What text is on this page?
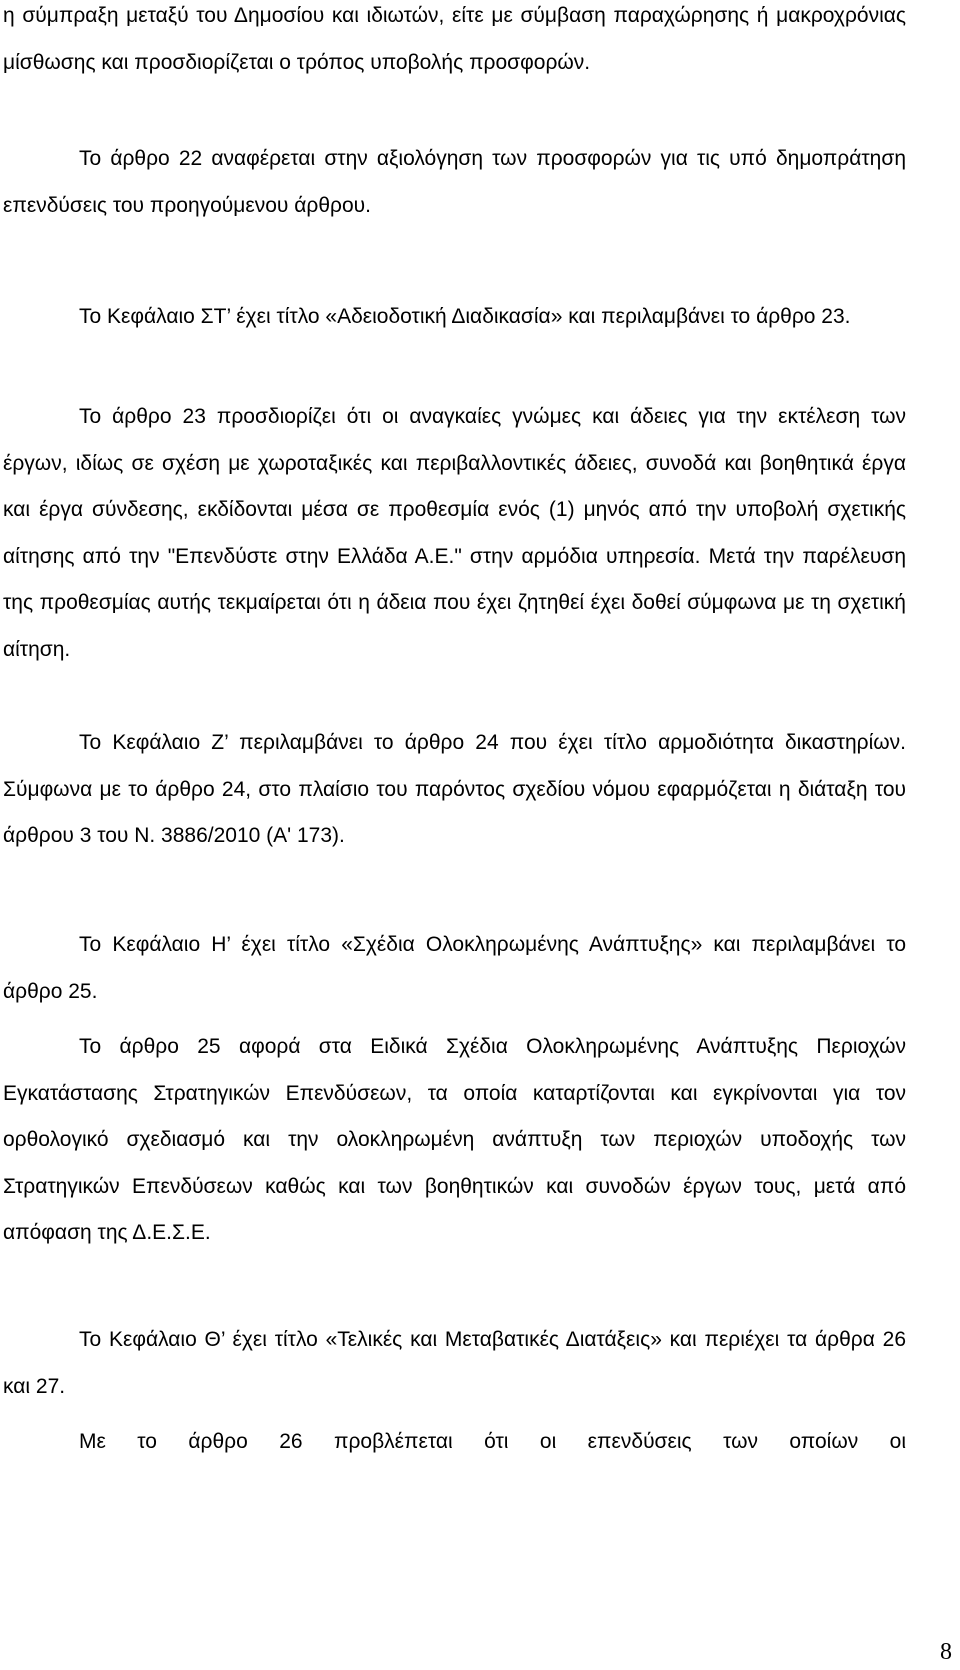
η σύμπραξη μεταξύ του Δημοσίου και ιδιωτών, είτε με σύμβαση παραχώρησης ή μακροχρόνιας μίσθωσης και προσδιορίζεται ο τρόπος υποβολής προσφορών.

Το άρθρο 22 αναφέρεται στην αξιολόγηση των προσφορών για τις υπό δημοπράτηση επενδύσεις του προηγούμενου άρθρου.

Το Κεφάλαιο ΣΤ’ έχει τίτλο «Αδειοδοτική Διαδικασία» και περιλαμβάνει το άρθρο 23.

Το άρθρο 23 προσδιορίζει ότι οι αναγκαίες γνώμες και άδειες για την εκτέλεση των έργων, ιδίως σε σχέση με χωροταξικές και περιβαλλοντικές άδειες, συνοδά και βοηθητικά έργα και έργα σύνδεσης, εκδίδονται μέσα σε προθεσμία ενός (1) μηνός από την υποβολή σχετικής αίτησης από την "Επενδύστε στην Ελλάδα Α.Ε." στην αρμόδια υπηρεσία. Μετά την παρέλευση της προθεσμίας αυτής τεκμαίρεται ότι η άδεια που έχει ζητηθεί έχει δοθεί σύμφωνα με τη σχετική αίτηση.

Το Κεφάλαιο Ζ’ περιλαμβάνει το άρθρο 24 που έχει τίτλο αρμοδιότητα δικαστηρίων. Σύμφωνα με το άρθρο 24, στο πλαίσιο του παρόντος σχεδίου νόμου εφαρμόζεται η διάταξη του άρθρου 3 του Ν. 3886/2010 (Α' 173).

Το Κεφάλαιο Η’ έχει τίτλο «Σχέδια Ολοκληρωμένης Ανάπτυξης» και περιλαμβάνει το άρθρο 25.

Το άρθρο 25 αφορά στα Ειδικά Σχέδια Ολοκληρωμένης Ανάπτυξης Περιοχών Εγκατάστασης Στρατηγικών Επενδύσεων, τα οποία καταρτίζονται και εγκρίνονται για τον ορθολογικό σχεδιασμό και την ολοκληρωμένη ανάπτυξη των περιοχών υποδοχής των Στρατηγικών Επενδύσεων καθώς και των βοηθητικών και συνοδών έργων τους, μετά από απόφαση της Δ.Ε.Σ.Ε.

Το Κεφάλαιο Θ’ έχει τίτλο «Τελικές και Μεταβατικές Διατάξεις» και περιέχει τα άρθρα 26 και 27.

Με το άρθρο 26 προβλέπεται ότι οι επενδύσεις των οποίων οι

8
